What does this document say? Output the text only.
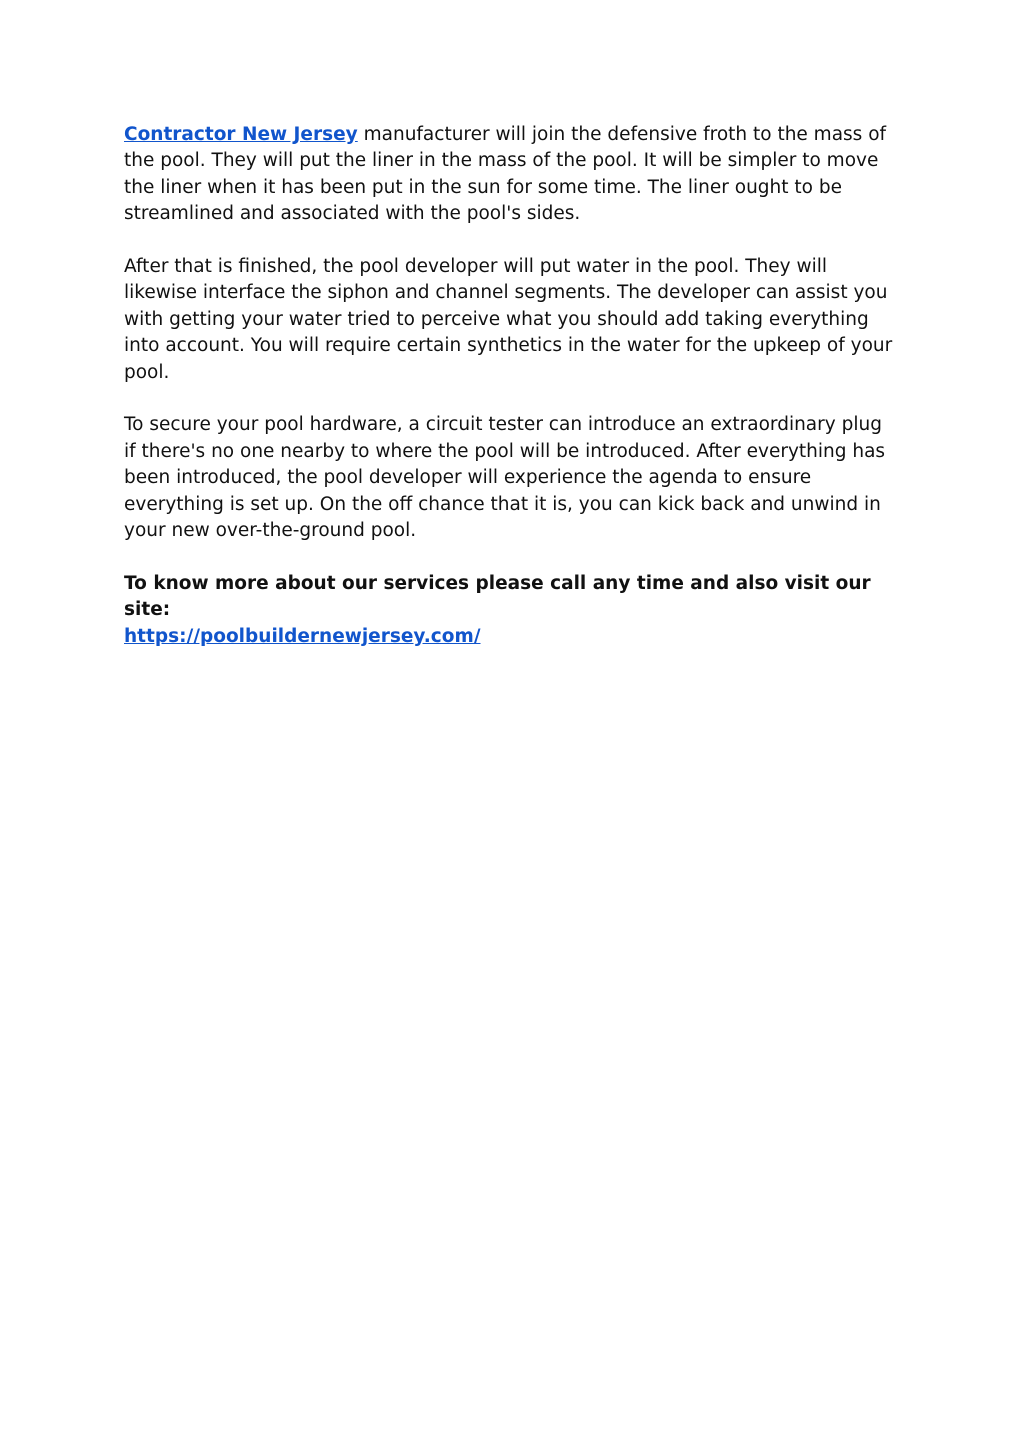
Contractor New Jersey manufacturer will join the defensive froth to the mass of the pool. They will put the liner in the mass of the pool. It will be simpler to move the liner when it has been put in the sun for some time. The liner ought to be streamlined and associated with the pool's sides.

After that is finished, the pool developer will put water in the pool. They will likewise interface the siphon and channel segments. The developer can assist you with getting your water tried to perceive what you should add taking everything into account. You will require certain synthetics in the water for the upkeep of your pool.

To secure your pool hardware, a circuit tester can introduce an extraordinary plug if there's no one nearby to where the pool will be introduced. After everything has been introduced, the pool developer will experience the agenda to ensure everything is set up. On the off chance that it is, you can kick back and unwind in your new over-the-ground pool.

To know more about our services please call any time and also visit our site:
https://poolbuildernewjersey.com/
